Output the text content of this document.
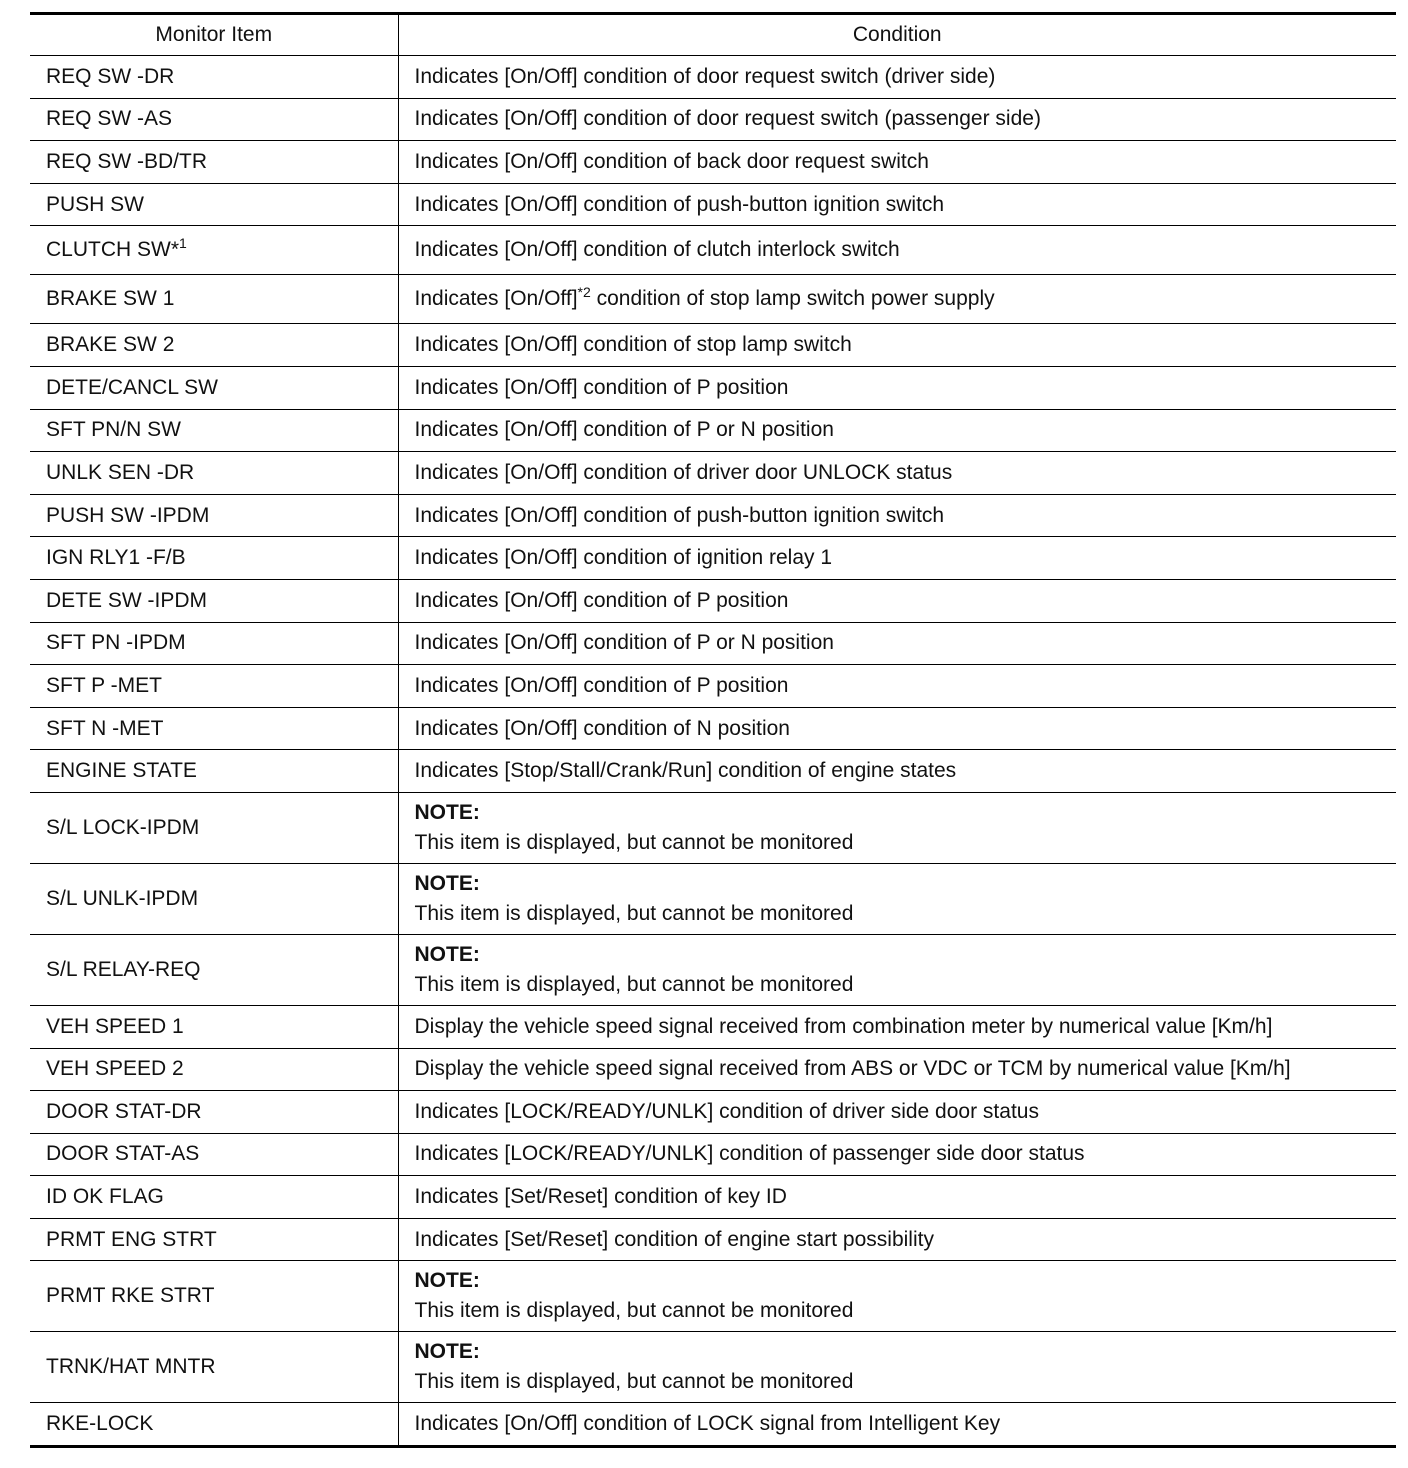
Monitor Item	Condition
REQ SW -DR	Indicates [On/Off] condition of door request switch (driver side)
REQ SW -AS	Indicates [On/Off] condition of door request switch (passenger side)
REQ SW -BD/TR	Indicates [On/Off] condition of back door request switch
PUSH SW	Indicates [On/Off] condition of push-button ignition switch
CLUTCH SW*$^1$	Indicates [On/Off] condition of clutch interlock switch
BRAKE SW 1	Indicates $[On/Off]^{*2}$ condition of stop lamp switch power supply
BRAKE SW 2	Indicates [On/Off] condition of stop lamp switch
DETE/CANCL SW	Indicates [On/Off] condition of P position
SFT PN/N SW	Indicates [On/Off] condition of P or N position
UNLK SEN -DR	Indicates [On/Off] condition of driver door UNLOCK status
PUSH SW -IPDM	Indicates [On/Off] condition of push-button ignition switch
IGN RLY1 -F/B	Indicates [On/Off] condition of ignition relay 1
DETE SW -IPDM	Indicates [On/Off] condition of P position
SFT PN -IPDM	Indicates [On/Off] condition of P or N position
SFT P -MET	Indicates [On/Off] condition of P position
SFT N -MET	Indicates [On/Off] condition of N position
ENGINE STATE	Indicates [Stop/Stall/Crank/Run] condition of engine states
S/L LOCK-IPDM	NOTE:
This item is displayed, but cannot be monitored

S/L UNLK-IPDM	NOTE:
This item is displayed, but cannot be monitored

S/L RELAY-REQ	NOTE:
This item is displayed, but cannot be monitored

VEH SPEED 1	Display the vehicle speed signal received from combination meter by numerical value [Km/h]
VEH SPEED 2	Display the vehicle speed signal received from ABS or VDC or TCM by numerical value [Km/h]
DOOR STAT-DR	Indicates [LOCK/READY/UNLK] condition of driver side door status
DOOR STAT-AS	Indicates [LOCK/READY/UNLK] condition of passenger side door status
ID OK FLAG	Indicates [Set/Reset] condition of key ID
PRMT ENG STRT	Indicates [Set/Reset] condition of engine start possibility
PRMT RKE STRT	NOTE:
This item is displayed, but cannot be monitored

TRNK/HAT MNTR	NOTE:
This item is displayed, but cannot be monitored

RKE-LOCK	Indicates [On/Off] condition of LOCK signal from Intelligent Key
